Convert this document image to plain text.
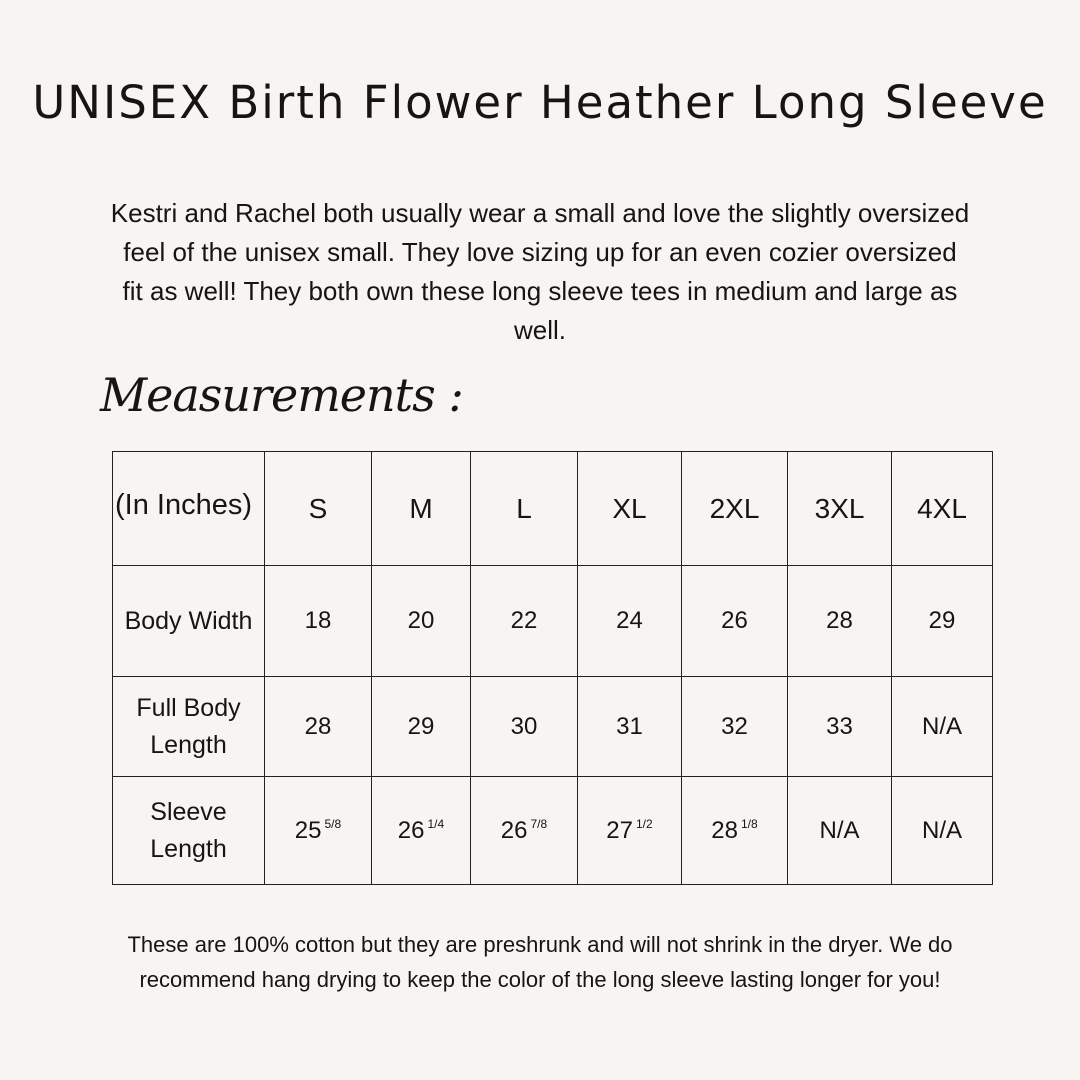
UNISEX Birth Flower Heather Long Sleeve

Kestri and Rachel both usually wear a small and love the slightly oversized feel of the unisex small. They love sizing up for an even cozier oversized fit as well! They both own these long sleeve tees in medium and large as well.

Measurements :
(In Inches)	S	M	L	XL	2XL	3XL	4XL
Body Width	18	20	22	24	26	28	29
Full Body Length	28	29	30	31	32	33	N/A
Sleeve Length	25 $^{5/8}$	26 $^{1/4}$	26 $^{7/8}$	27 $^{1/2}$	28 $^{1/8}$	N/A	N/A

These are 100% cotton but they are preshrunk and will not shrink in the dryer. We do recommend hang drying to keep the color of the long sleeve lasting longer for you!
